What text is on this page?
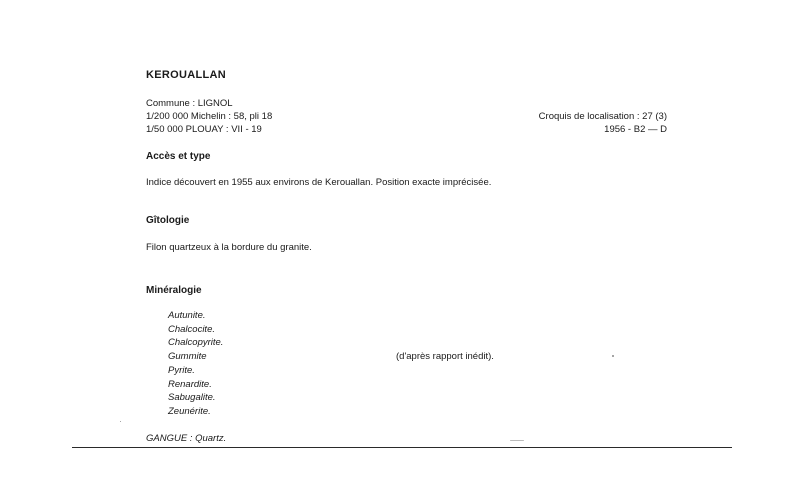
KEROUALLAN
Commune : LIGNOL
1/200 000 Michelin : 58, pli 18
1/50 000 PLOUAY : VII - 19
Croquis de localisation : 27 (3)
1956 - B2 — D
Accès et type
Indice découvert en 1955 aux environs de Kerouallan. Position exacte imprécisée.
Gîtologie
Filon quartzeux à la bordure du granite.
Minéralogie
Autunite.
Chalcocite.
Chalcopyrite.
Gummite
Pyrite.
Renardite.
Sabugalite.
Zeunérite.
(d'après rapport inédit).
GANGUE : Quartz.
